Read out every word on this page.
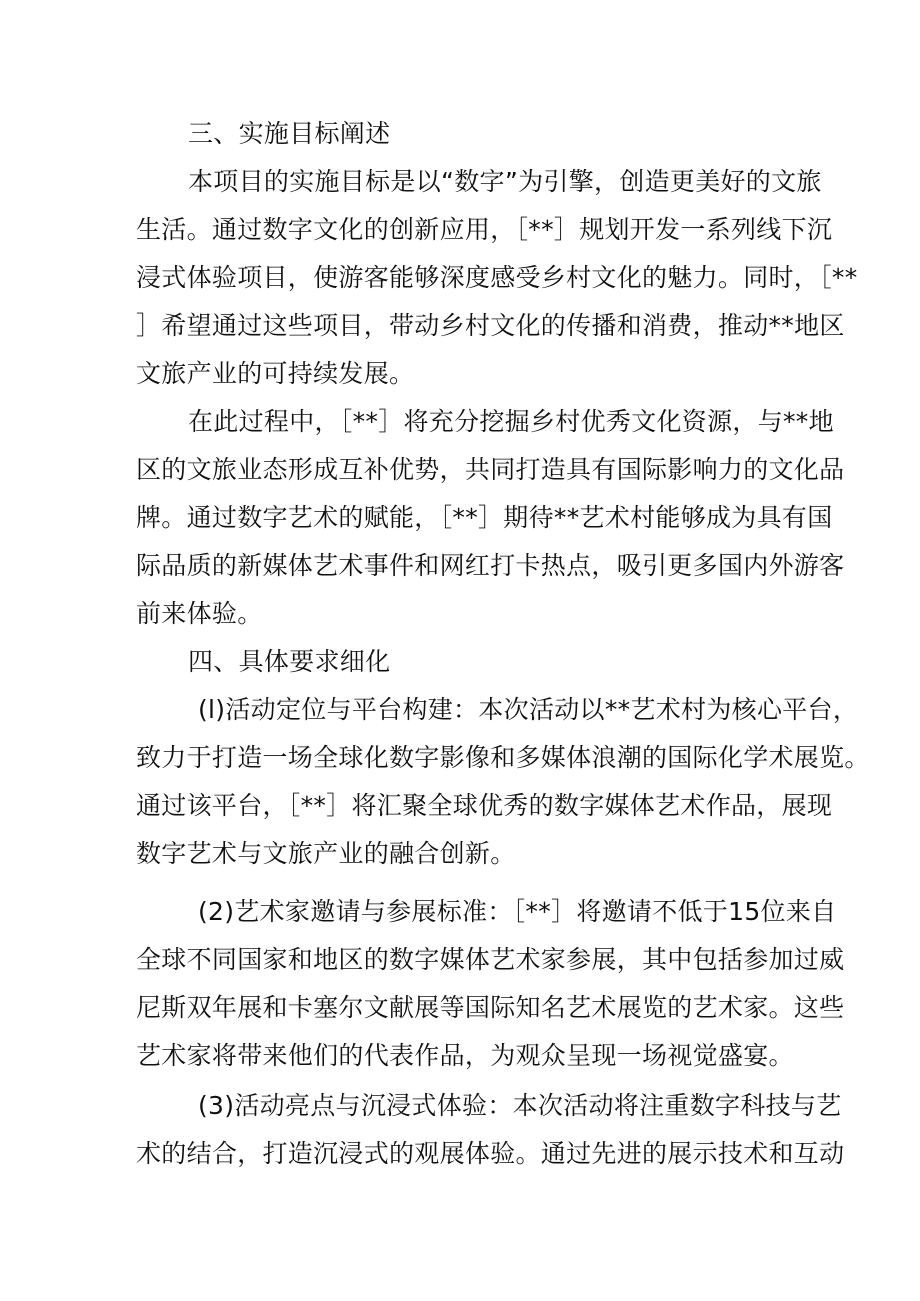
三、实施目标阐述
本项目的实施目标是以“数字”为引擎，创造更美好的文旅
生活。通过数字文化的创新应用，［**］规划开发一系列线下沉
浸式体验项目，使游客能够深度感受乡村文化的魅力。同时，［**
］希望通过这些项目，带动乡村文化的传播和消费，推动**地区
文旅产业的可持续发展。
在此过程中，［**］将充分挖掘乡村优秀文化资源，与**地
区的文旅业态形成互补优势，共同打造具有国际影响力的文化品
牌。通过数字艺术的赋能，［**］期待**艺术村能够成为具有国
际品质的新媒体艺术事件和网红打卡热点，吸引更多国内外游客
前来体验。
四、具体要求细化
(l)活动定位与平台构建：本次活动以**艺术村为核心平台，
致力于打造一场全球化数字影像和多媒体浪潮的国际化学术展览。
通过该平台，［**］将汇聚全球优秀的数字媒体艺术作品，展现
数字艺术与文旅产业的融合创新。
(2)艺术家邀请与参展标准：［**］将邀请不低于15位来自
全球不同国家和地区的数字媒体艺术家参展，其中包括参加过威
尼斯双年展和卡塞尔文献展等国际知名艺术展览的艺术家。这些
艺术家将带来他们的代表作品，为观众呈现一场视觉盛宴。
(3)活动亮点与沉浸式体验：本次活动将注重数字科技与艺
术的结合，打造沉浸式的观展体验。通过先进的展示技术和互动
